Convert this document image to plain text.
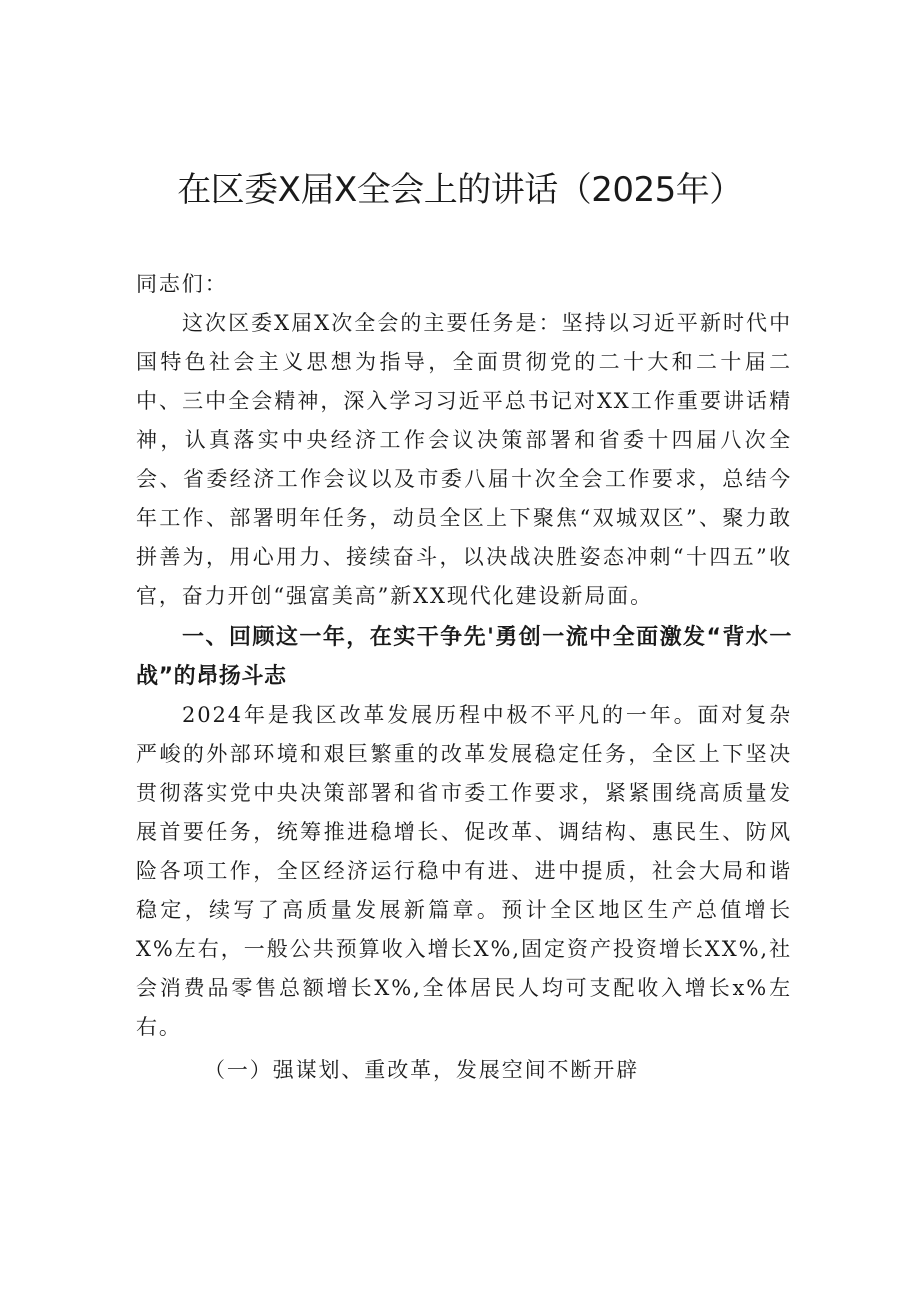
在区委X届X全会上的讲话（2025年）

同志们：

这次区委X届X次全会的主要任务是：坚持以习近平新时代中国特色社会主义思想为指导，全面贯彻党的二十大和二十届二中、三中全会精神，深入学习习近平总书记对XX工作重要讲话精神，认真落实中央经济工作会议决策部署和省委十四届八次全会、省委经济工作会议以及市委八届十次全会工作要求，总结今年工作、部署明年任务，动员全区上下聚焦“双城双区”、聚力敢拼善为，用心用力、接续奋斗，以决战决胜姿态冲刺“十四五”收官，奋力开创“强富美高”新XX现代化建设新局面。

一、回顾这一年，在实干争先'勇创一流中全面激发“背水一战”的昂扬斗志

2024年是我区改革发展历程中极不平凡的一年。面对复杂严峻的外部环境和艰巨繁重的改革发展稳定任务，全区上下坚决贯彻落实党中央决策部署和省市委工作要求，紧紧围绕高质量发展首要任务，统筹推进稳增长、促改革、调结构、惠民生、防风险各项工作，全区经济运行稳中有进、进中提质，社会大局和谐稳定，续写了高质量发展新篇章。预计全区地区生产总值增长X%左右，一般公共预算收入增长X%,固定资产投资增长XX%,社会消费品零售总额增长X%,全体居民人均可支配收入增长x%左右。

（一）强谋划、重改革，发展空间不断开辟
